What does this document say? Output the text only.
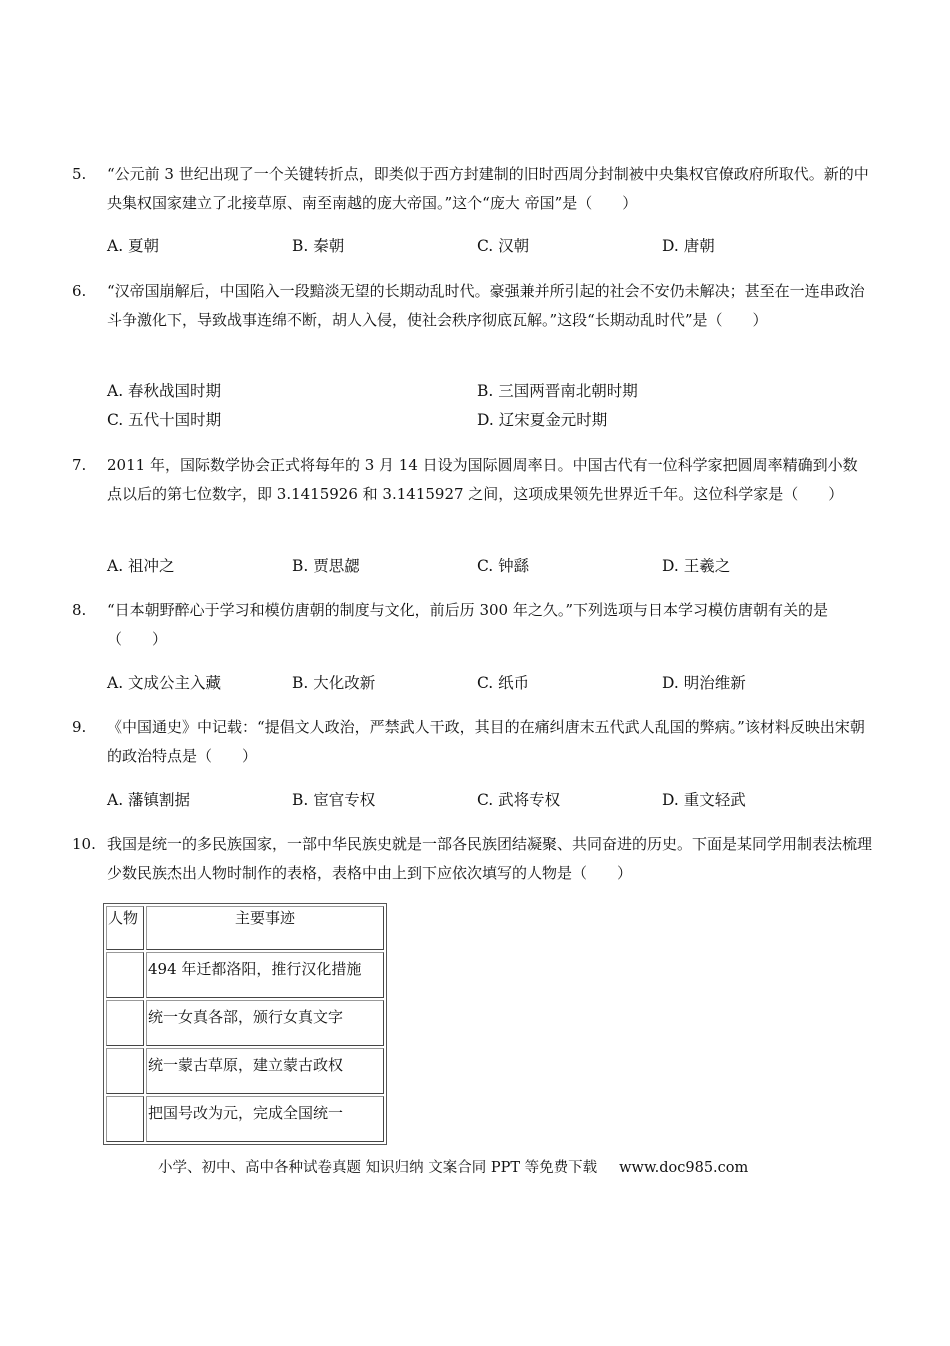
5. “公元前 3 世纪出现了一个关键转折点，即类似于西方封建制的旧时西周分封制被中央集权官僚政府所取代。新的中央集权国家建立了北接草原、南至南越的庞大帝国。”这个“庞大 帝国”是（　　）
A. 夏朝	B. 秦朝	C. 汉朝	D. 唐朝
6. “汉帝国崩解后，中国陷入一段黯淡无望的长期动乱时代。豪强兼并所引起的社会不安仍未解决；甚至在一连串政治斗争激化下，导致战事连绵不断，胡人入侵，使社会秩序彻底瓦解。”这段“长期动乱时代”是（　　）
A. 春秋战国时期	B. 三国两晋南北朝时期
C. 五代十国时期	D. 辽宋夏金元时期
7. 2011 年，国际数学协会正式将每年的 3 月 14 日设为国际圆周率日。中国古代有一位科学家把圆周率精确到小数点以后的第七位数字，即 3.1415926 和 3.1415927 之间，这项成果领先世界近千年。这位科学家是（　　）
A. 祖冲之	B. 贾思勰	C. 钟繇	D. 王羲之
8. “日本朝野醉心于学习和模仿唐朝的制度与文化，前后历 300 年之久。”下列选项与日本学习模仿唐朝有关的是（　　）
A. 文成公主入藏	B. 大化改新	C. 纸币	D. 明治维新
9. 《中国通史》中记载：“提倡文人政治，严禁武人干政，其目的在痛纠唐末五代武人乱国的弊病。”该材料反映出宋朝的政治特点是（　　）
A. 藩镇割据	B. 宦官专权	C. 武将专权	D. 重文轻武
10. 我国是统一的多民族国家，一部中华民族史就是一部各民族团结凝聚、共同奋进的历史。下面是某同学用制表法梳理少数民族杰出人物时制作的表格，表格中由上到下应依次填写的人物是（　　）
人物	主要事迹
	494 年迁都洛阳，推行汉化措施
	统一女真各部，颁行女真文字
	统一蒙古草原，建立蒙古政权
	把国号改为元，完成全国统一
小学、初中、高中各种试卷真题 知识归纳 文案合同 PPT 等免费下载 www.doc985.com
